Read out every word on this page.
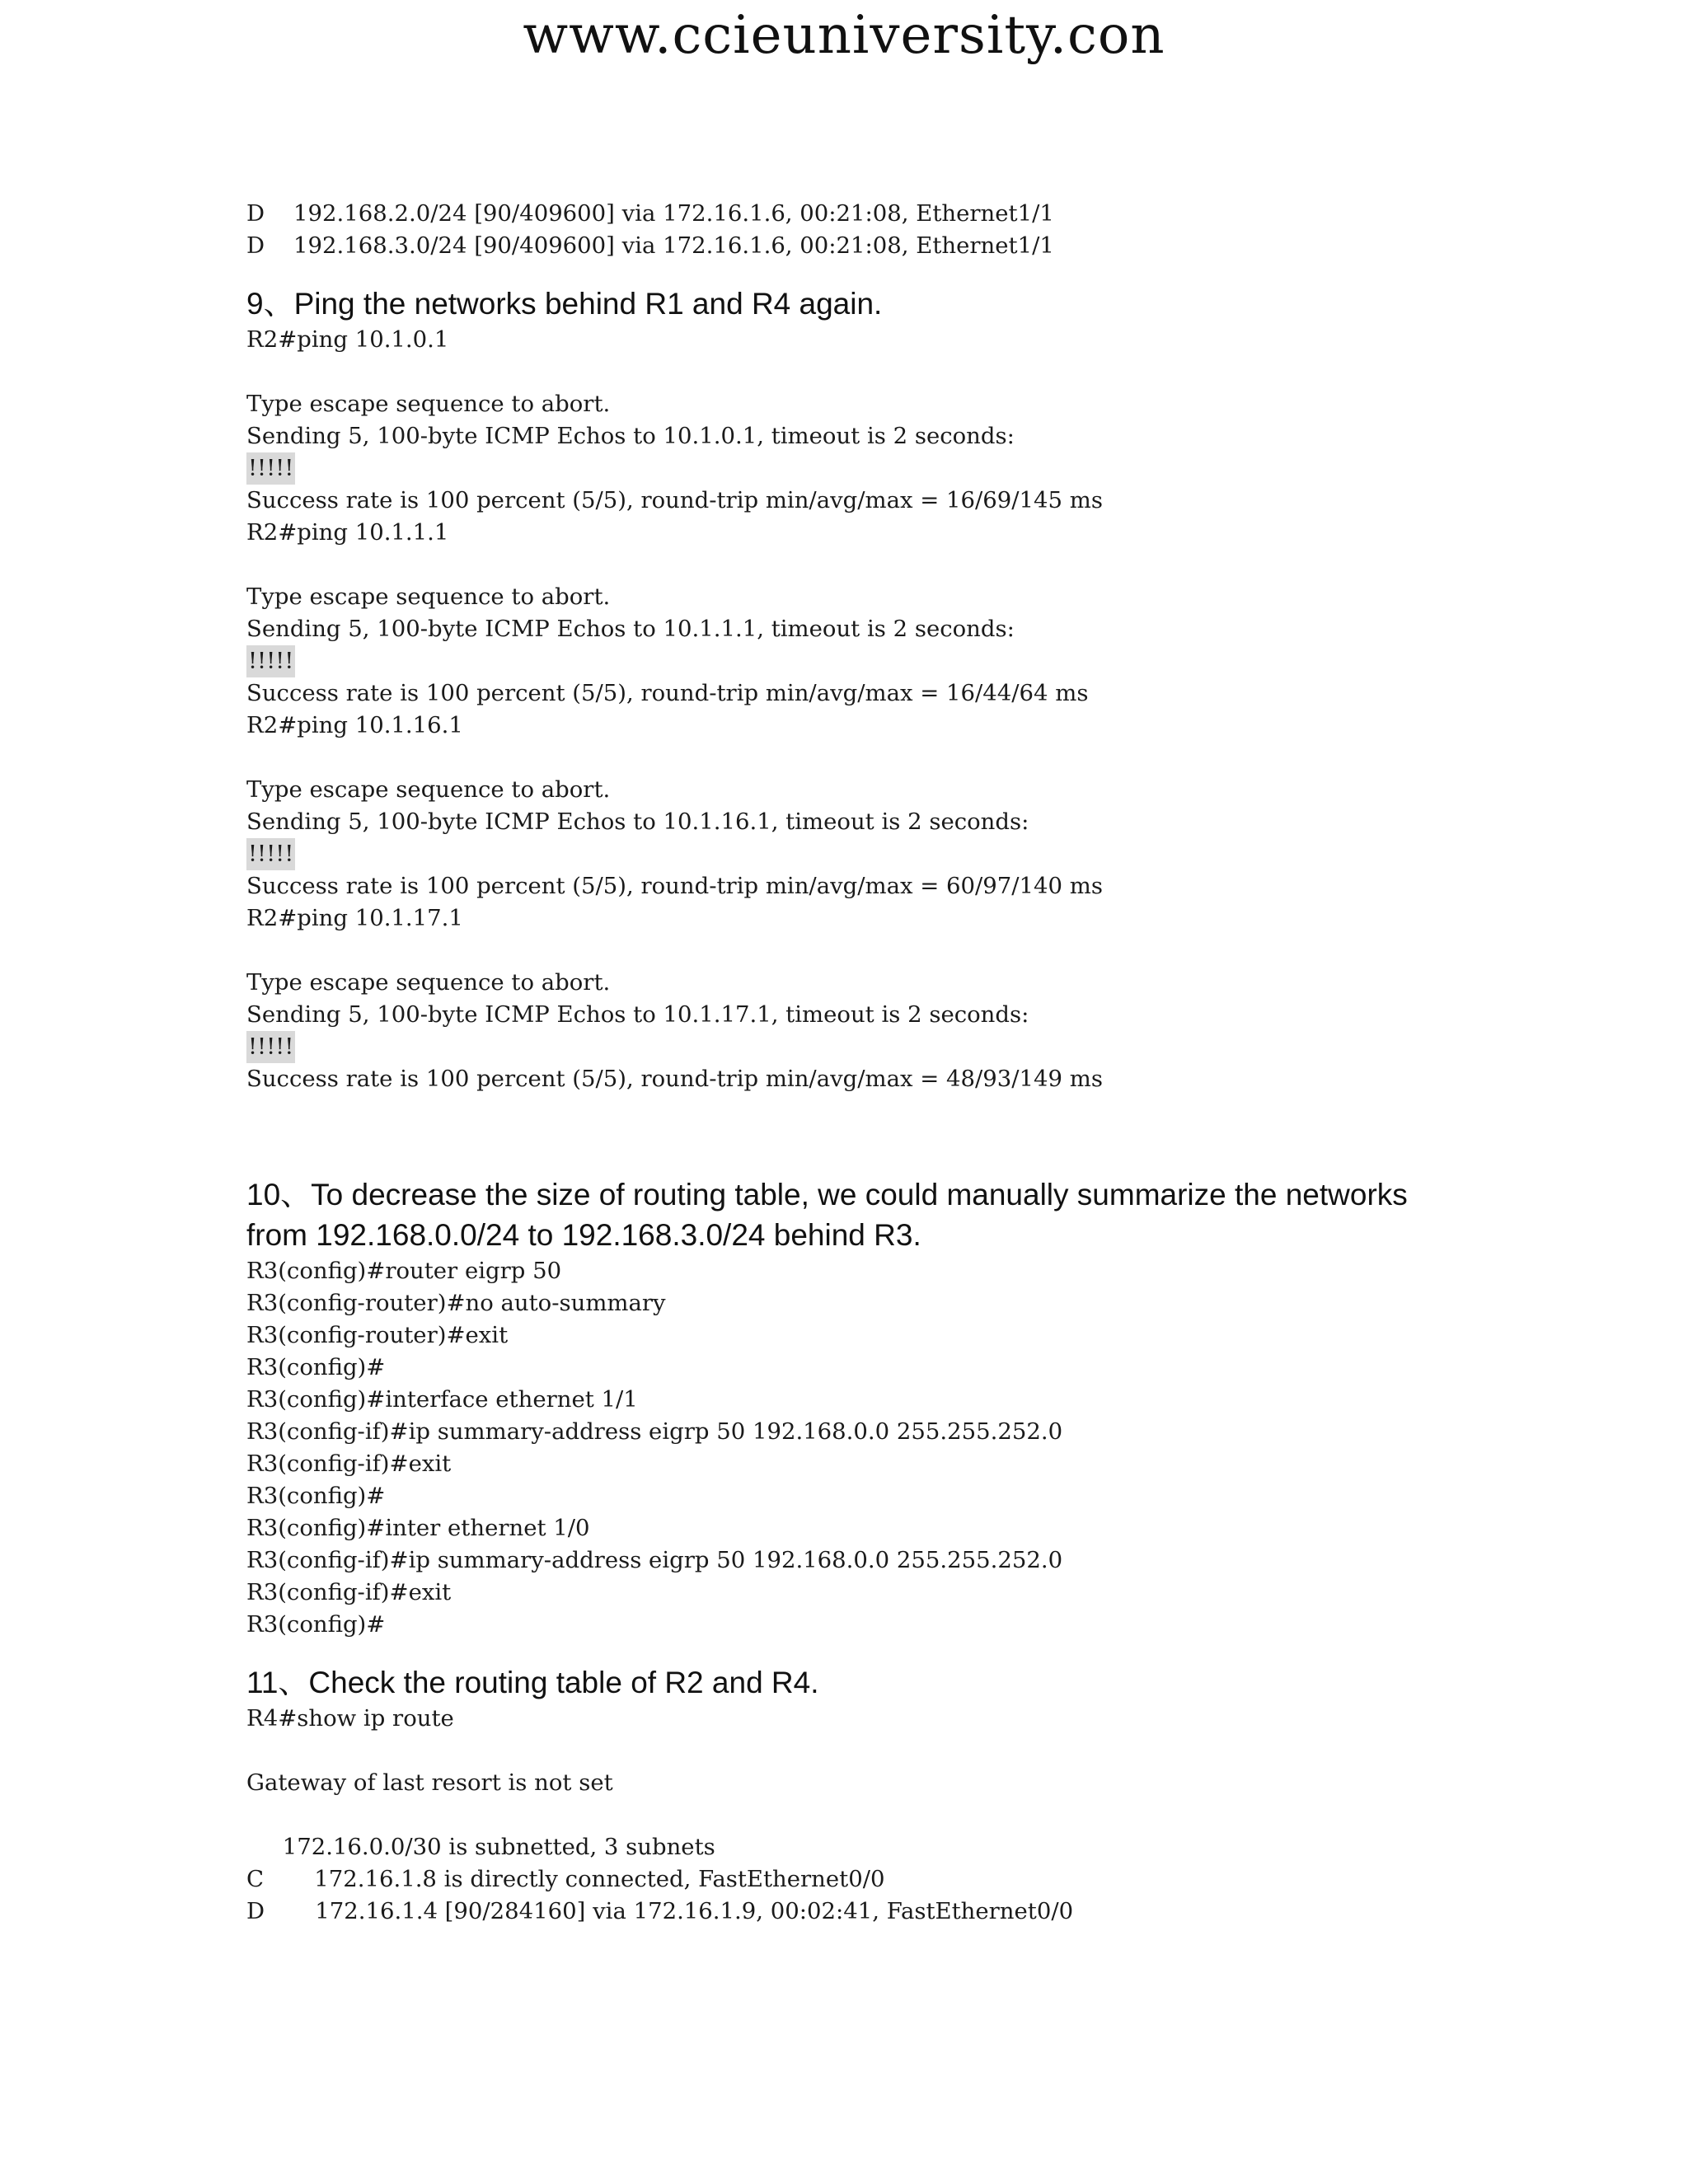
www.ccieuniversity.con
D    192.168.2.0/24 [90/409600] via 172.16.1.6, 00:21:08, Ethernet1/1
D    192.168.3.0/24 [90/409600] via 172.16.1.6, 00:21:08, Ethernet1/1
9、Ping the networks behind R1 and R4 again.
R2#ping 10.1.0.1
Type escape sequence to abort.
Sending 5, 100-byte ICMP Echos to 10.1.0.1, timeout is 2 seconds:
!!!!!
Success rate is 100 percent (5/5), round-trip min/avg/max = 16/69/145 ms
R2#ping 10.1.1.1
Type escape sequence to abort.
Sending 5, 100-byte ICMP Echos to 10.1.1.1, timeout is 2 seconds:
!!!!!
Success rate is 100 percent (5/5), round-trip min/avg/max = 16/44/64 ms
R2#ping 10.1.16.1
Type escape sequence to abort.
Sending 5, 100-byte ICMP Echos to 10.1.16.1, timeout is 2 seconds:
!!!!!
Success rate is 100 percent (5/5), round-trip min/avg/max = 60/97/140 ms
R2#ping 10.1.17.1
Type escape sequence to abort.
Sending 5, 100-byte ICMP Echos to 10.1.17.1, timeout is 2 seconds:
!!!!!
Success rate is 100 percent (5/5), round-trip min/avg/max = 48/93/149 ms
10、To decrease the size of routing table, we could manually summarize the networks
from 192.168.0.0/24 to 192.168.3.0/24 behind R3.
R3(config)#router eigrp 50
R3(config-router)#no auto-summary
R3(config-router)#exit
R3(config)#
R3(config)#interface ethernet 1/1
R3(config-if)#ip summary-address eigrp 50 192.168.0.0 255.255.252.0
R3(config-if)#exit
R3(config)#
R3(config)#inter ethernet 1/0
R3(config-if)#ip summary-address eigrp 50 192.168.0.0 255.255.252.0
R3(config-if)#exit
R3(config)#
11、Check the routing table of R2 and R4.
R4#show ip route
Gateway of last resort is not set
172.16.0.0/30 is subnetted, 3 subnets
C       172.16.1.8 is directly connected, FastEthernet0/0
D       172.16.1.4 [90/284160] via 172.16.1.9, 00:02:41, FastEthernet0/0
